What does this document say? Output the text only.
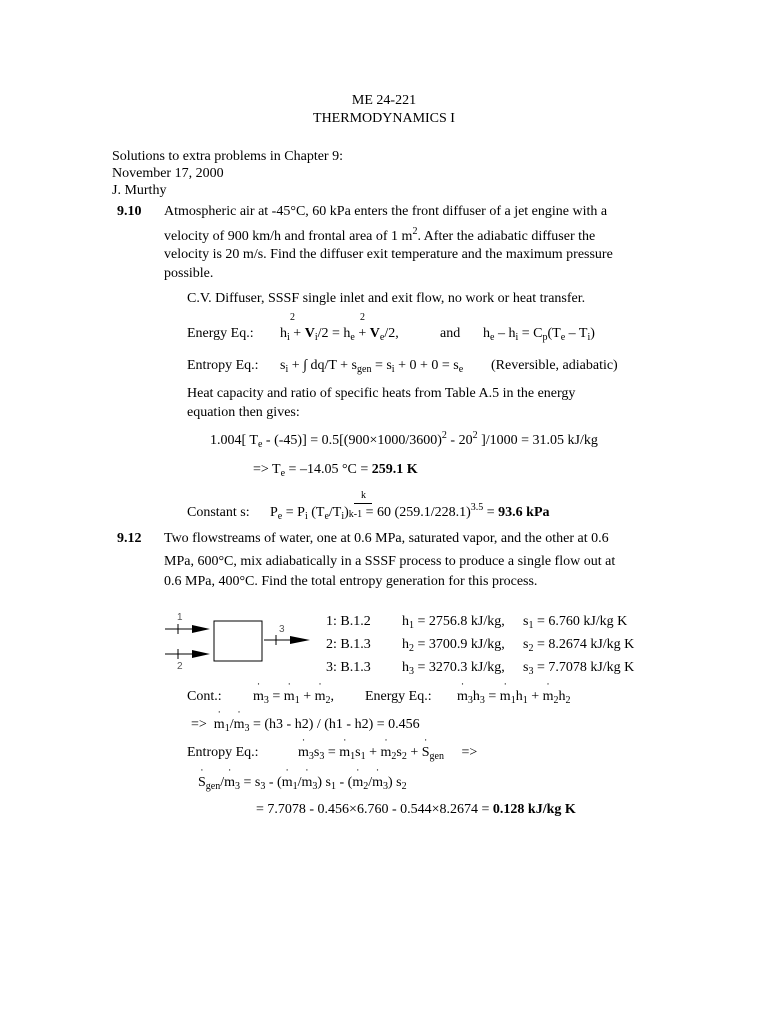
ME 24-221
THERMODYNAMICS I
Solutions to extra problems in Chapter 9:
November 17, 2000
J. Murthy
9.10 Atmospheric air at -45°C, 60 kPa enters the front diffuser of a jet engine with a
velocity of 900 km/h and frontal area of 1 $m^2$. After the adiabatic diffuser the
velocity is 20 m/s. Find the diffuser exit temperature and the maximum pressure
possible.
C.V. Diffuser, SSSF single inlet and exit flow, no work or heat transfer.
2	2
Energy Eq.: $h_i + V_i/2 = h_e + V_e/2$,	and $h_e - h_i = C_p(T_e - T_i)$
Entropy Eq.: $s_i$ + ∫ $dq/T + s_{gen} = s_i + 0 + 0 = s_e$ (Reversible, adiabatic)
Heat capacity and ratio of specific heats from Table A.5 in the energy
equation then gives:
1.004[ $T_e - (-45)] = 0.5[(900\times 1000/3600)^2 - 20^2$ ]/1000 = 31.05 kJ/kg
=> $T_e = -14.05$ °C = 259.1 K
k
Constant s: $P_e = P_i$ $(T_e/T_i)k-1 = 60$ $(259.1/228.1)^{3.5} = 93.6$ kPa
9.12 Two flowstreams of water, one at 0.6 MPa, saturated vapor, and the other at 0.6
MPa, 600°C, mix adiabatically in a SSSF process to produce a single flow out at
0.6 MPa, 400°C. Find the total entropy generation for this process.
1
2
3
1: B.1.2 $h_1 = 2756.8$ kJ/kg, $s_1 = 6.760$ kJ/kg K
2: B.1.3 $h_2 = 3700.9$ kJ/kg, $s_2 = 8.2674$ kJ/kg K
3: B.1.3 $h_3 = 3270.3$ kJ/kg, $s_3 = 7.7078$ kJ/kg K
Cont.: ˙ $m_3$ = ˙ $m_1$ + ˙ $m_2$, Energy Eq.: ˙ $m_3h_3$ = ˙ $m_1h_1$ + ˙ $m_2h_2$
=>  ˙ $m_1/˙$ $m_3 = (h3 - h2) / (h1 - h2) = 0.456$
Entropy Eq.:	˙ $m_3s_3$ = ˙ $m_1s_1$ + ˙ $m_2s_2$ + ˙ $S_{gen}$     =>
˙ $S_{gen}/˙$ $m_3 = s_3$ - (˙ $m_1/˙$ $m_3$) $s_1$ - (˙ $m_2/˙$ $m_3$) $s_2$
= 7.7078 - 0.456×6.760 - 0.544×8.2674 = 0.128 kJ/kg K
